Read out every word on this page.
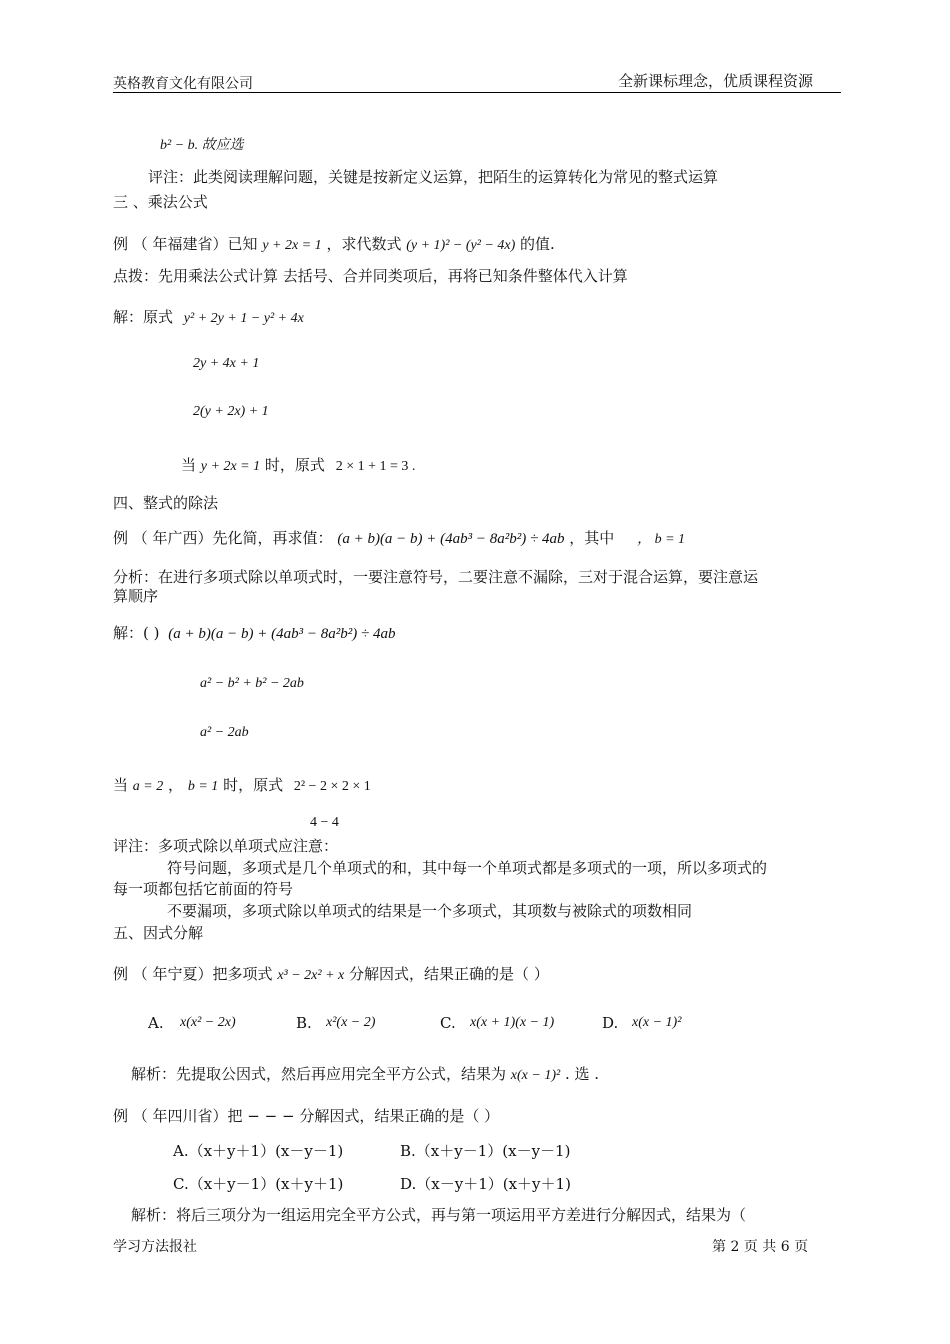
英格教育文化有限公司	全新课标理念，优质课程资源
b² − b. 故应选
评注：此类阅读理解问题，关键是按新定义运算，把陌生的运算转化为常见的整式运算
三 、乘法公式
例 （ 年福建省）已知 y + 2x = 1 ，求代数式 (y + 1)² − (y² − 4x) 的值.
点拨：先用乘法公式计算 去括号、合并同类项后，再将已知条件整体代入计算
解：原式 y² + 2y + 1 − y² + 4x
2y + 4x + 1
2(y + 2x) + 1
当 y + 2x = 1 时，原式 2 × 1 + 1 = 3 .
四、整式的除法
例 （ 年广西）先化简，再求值： (a + b)(a − b) + (4ab³ − 8a²b²) ÷ 4ab ，其中 ， b = 1
分析：在进行多项式除以单项式时，一要注意符号，二要注意不漏除，三对于混合运算，要注意运
算顺序
解：( ) (a + b)(a − b) + (4ab³ − 8a²b²) ÷ 4ab
a² − b² + b² − 2ab
a² − 2ab
当 a = 2 ， b = 1 时，原式 2² − 2 × 2 × 1
4 − 4
评注：多项式除以单项式应注意：
符号问题，多项式是几个单项式的和，其中每一个单项式都是多项式的一项，所以多项式的
每一项都包括它前面的符号
不要漏项，多项式除以单项式的结果是一个多项式，其项数与被除式的项数相同
五、因式分解
例 （ 年宁夏）把多项式 x³ − 2x² + x 分解因式，结果正确的是（ ）
A. x(x² − 2x)	B. x²(x − 2)	C. x(x + 1)(x − 1)	D. x(x − 1)²
解析：先提取公因式，然后再应用完全平方公式，结果为 x(x − 1)² . 选 .
例 （ 年四川省）把 − − − 分解因式，结果正确的是（ ）
A.（x＋y＋1）(x－y－1)	B.（x＋y－1）(x－y－1)
C.（x＋y－1）(x＋y＋1)	D.（x－y＋1）(x＋y＋1)
解析：将后三项分为一组运用完全平方公式，再与第一项运用平方差进行分解因式，结果为（
学习方法报社	第 2 页 共 6 页
